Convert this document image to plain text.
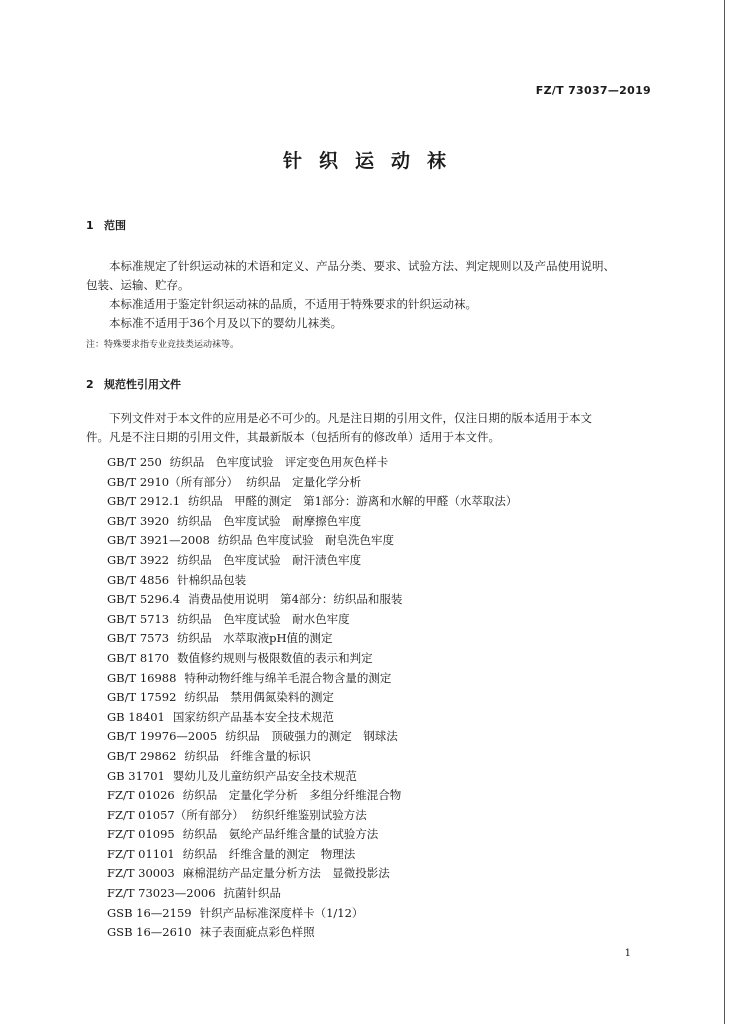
FZ/T 73037—2019
针织运动袜
1 范围
本标准规定了针织运动袜的术语和定义、产品分类、要求、试验方法、判定规则以及产品使用说明、
包装、运输、贮存。
本标准适用于鉴定针织运动袜的品质，不适用于特殊要求的针织运动袜。
本标准不适用于36个月及以下的婴幼儿袜类。
注：特殊要求指专业竞技类运动袜等。
2 规范性引用文件
下列文件对于本文件的应用是必不可少的。凡是注日期的引用文件，仅注日期的版本适用于本文
件。凡是不注日期的引用文件，其最新版本（包括所有的修改单）适用于本文件。
GB/T 250 纺织品　色牢度试验　评定变色用灰色样卡
GB/T 2910（所有部分） 纺织品　定量化学分析
GB/T 2912.1 纺织品　甲醛的测定　第1部分：游离和水解的甲醛（水萃取法）
GB/T 3920 纺织品　色牢度试验　耐摩擦色牢度
GB/T 3921—2008 纺织品 色牢度试验　耐皂洗色牢度
GB/T 3922 纺织品　色牢度试验　耐汗渍色牢度
GB/T 4856 针棉织品包装
GB/T 5296.4 消费品使用说明　第4部分：纺织品和服装
GB/T 5713 纺织品　色牢度试验　耐水色牢度
GB/T 7573 纺织品　水萃取液pH值的测定
GB/T 8170 数值修约规则与极限数值的表示和判定
GB/T 16988 特种动物纤维与绵羊毛混合物含量的测定
GB/T 17592 纺织品　禁用偶氮染料的测定
GB 18401 国家纺织产品基本安全技术规范
GB/T 19976—2005 纺织品　顶破强力的测定　钢球法
GB/T 29862 纺织品　纤维含量的标识
GB 31701 婴幼儿及儿童纺织产品安全技术规范
FZ/T 01026 纺织品　定量化学分析　多组分纤维混合物
FZ/T 01057（所有部分） 纺织纤维鉴别试验方法
FZ/T 01095 纺织品　氨纶产品纤维含量的试验方法
FZ/T 01101 纺织品　纤维含量的测定　物理法
FZ/T 30003 麻棉混纺产品定量分析方法　显微投影法
FZ/T 73023—2006 抗菌针织品
GSB 16—2159 针织产品标准深度样卡（1/12）
GSB 16—2610 袜子表面疵点彩色样照
1
